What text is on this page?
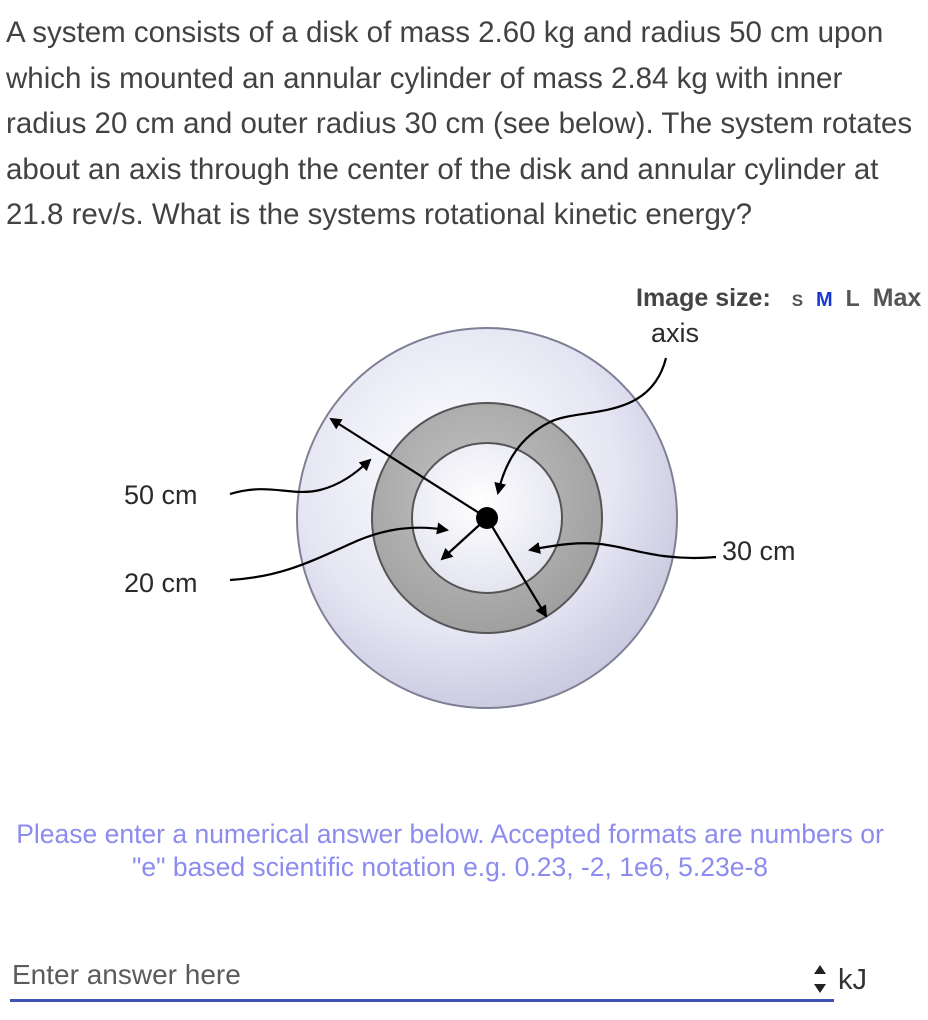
A system consists of a disk of mass 2.60 kg and radius 50 cm upon which is mounted an annular cylinder of mass 2.84 kg with inner radius 20 cm and outer radius 30 cm (see below). The system rotates about an axis through the center of the disk and annular cylinder at 21.8 rev/s. What is the systems rotational kinetic energy?

Image size: S M L Max
axis
50 cm
20 cm
30 cm

Please enter a numerical answer below. Accepted formats are numbers or "e" based scientific notation e.g. 0.23, -2, 1e6, 5.23e-8

Enter answer here
kJ
